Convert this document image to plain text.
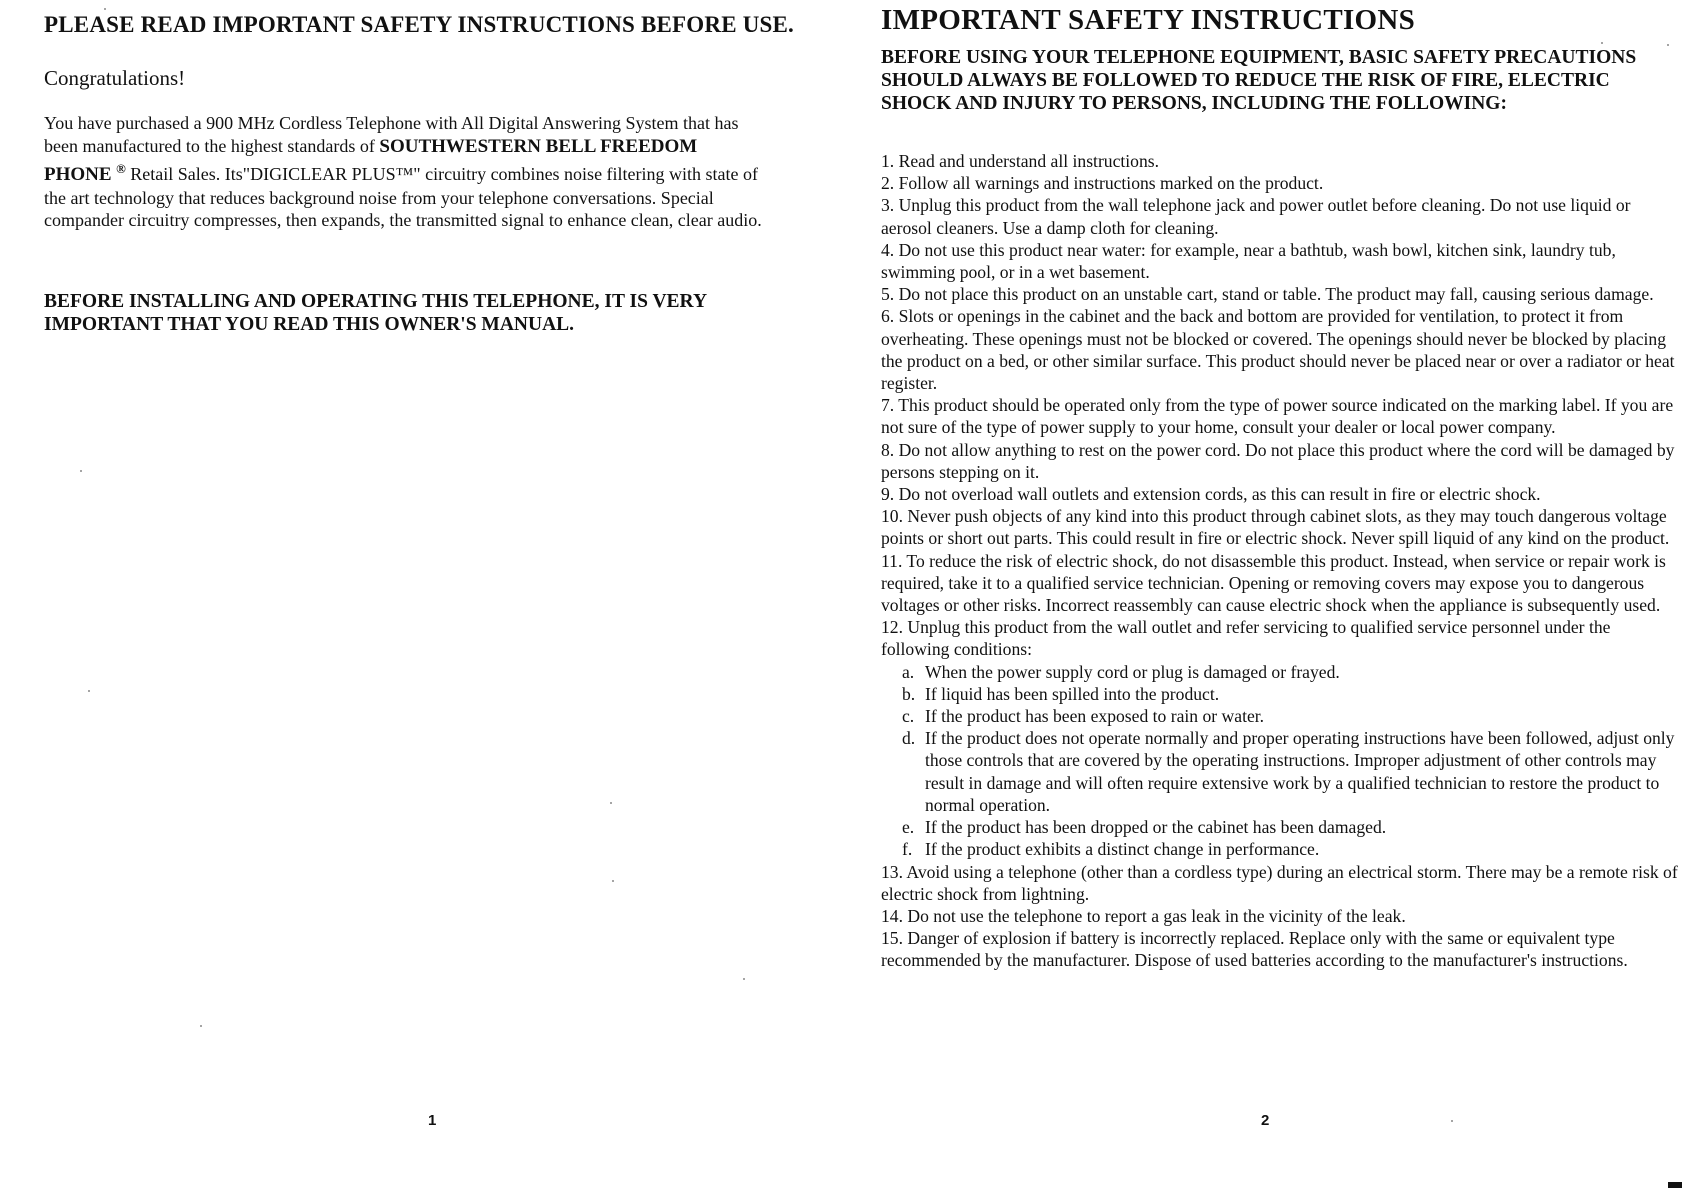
PLEASE READ IMPORTANT SAFETY INSTRUCTIONS BEFORE USE.
Congratulations!
You have purchased a 900 MHz Cordless Telephone with All Digital Answering System that has been manufactured to the highest standards of SOUTHWESTERN BELL FREEDOM PHONE ® Retail Sales. Its"DIGICLEAR PLUS™" circuitry combines noise filtering with state of the art technology that reduces background noise from your telephone conversations. Special compander circuitry compresses, then expands, the transmitted signal to enhance clean, clear audio.
BEFORE INSTALLING AND OPERATING THIS TELEPHONE, IT IS VERY IMPORTANT THAT YOU READ THIS OWNER'S MANUAL.
1
IMPORTANT SAFETY INSTRUCTIONS
BEFORE USING YOUR TELEPHONE EQUIPMENT, BASIC SAFETY PRECAUTIONS SHOULD ALWAYS BE FOLLOWED TO REDUCE THE RISK OF FIRE, ELECTRIC SHOCK AND INJURY TO PERSONS, INCLUDING THE FOLLOWING:

1. Read and understand all instructions.

2. Follow all warnings and instructions marked on the product.

3. Unplug this product from the wall telephone jack and power outlet before cleaning. Do not use liquid or aerosol cleaners. Use a damp cloth for cleaning.

4. Do not use this product near water: for example, near a bathtub, wash bowl, kitchen sink, laundry tub, swimming pool, or in a wet basement.

5. Do not place this product on an unstable cart, stand or table. The product may fall, causing serious damage.

6. Slots or openings in the cabinet and the back and bottom are provided for ventilation, to protect it from overheating. These openings must not be blocked or covered. The openings should never be blocked by placing the product on a bed, or other similar surface. This product should never be placed near or over a radiator or heat register.

7. This product should be operated only from the type of power source indicated on the marking label. If you are not sure of the type of power supply to your home, consult your dealer or local power company.

8. Do not allow anything to rest on the power cord. Do not place this product where the cord will be damaged by persons stepping on it.

9. Do not overload wall outlets and extension cords, as this can result in fire or electric shock.

10. Never push objects of any kind into this product through cabinet slots, as they may touch dangerous voltage points or short out parts. This could result in fire or electric shock. Never spill liquid of any kind on the product.

11. To reduce the risk of electric shock, do not disassemble this product. Instead, when service or repair work is required, take it to a qualified service technician. Opening or removing covers may expose you to dangerous voltages or other risks. Incorrect reassembly can cause electric shock when the appliance is subsequently used.

12. Unplug this product from the wall outlet and refer servicing to qualified service personnel under the following conditions:

a. When the power supply cord or plug is damaged or frayed.

b. If liquid has been spilled into the product.

c. If the product has been exposed to rain or water.

d. If the product does not operate normally and proper operating instructions have been followed, adjust only those controls that are covered by the operating instructions. Improper adjustment of other controls may result in damage and will often require extensive work by a qualified technician to restore the product to normal operation.

e. If the product has been dropped or the cabinet has been damaged.

f. If the product exhibits a distinct change in performance.

13. Avoid using a telephone (other than a cordless type) during an electrical storm. There may be a remote risk of electric shock from lightning.

14. Do not use the telephone to report a gas leak in the vicinity of the leak.

15. Danger of explosion if battery is incorrectly replaced. Replace only with the same or equivalent type recommended by the manufacturer. Dispose of used batteries according to the manufacturer's instructions.

2
